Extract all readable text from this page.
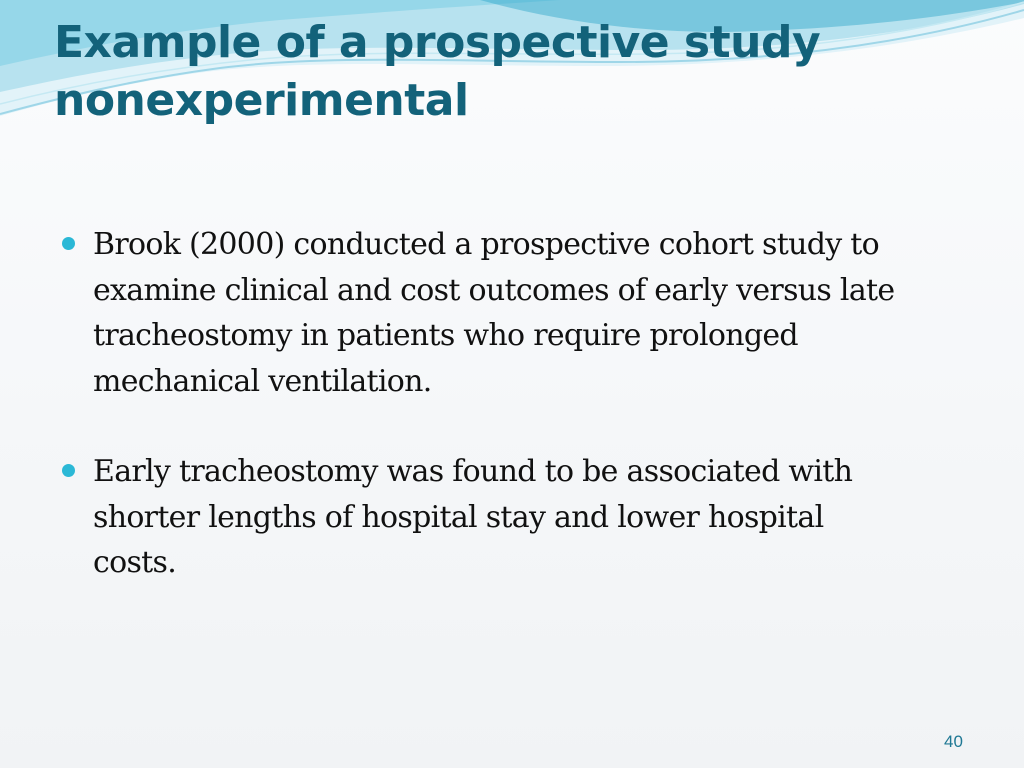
Example of a prospective study
nonexperimental
Brook (2000) conducted a prospective cohort study to
examine clinical and cost outcomes of early versus late
tracheostomy in patients who require prolonged
mechanical ventilation.
Early tracheostomy was found to be associated with
shorter lengths of hospital stay and lower hospital
costs.
40
